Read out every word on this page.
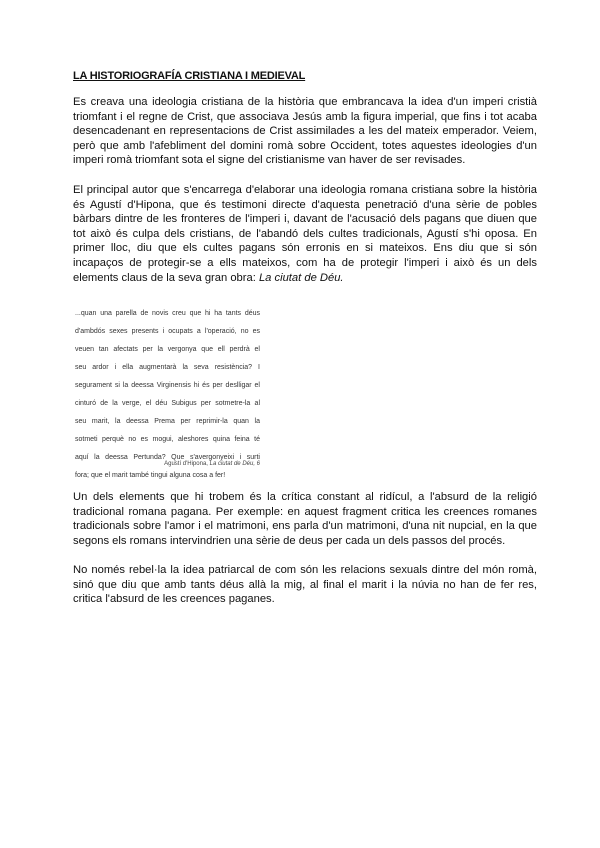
LA HISTORIOGRAFÍA CRISTIANA I MEDIEVAL
Es creava una ideologia cristiana de la història que embrancava la idea d'un imperi cristià
triomfant i el regne de Crist, que associava Jesús amb la figura imperial, que fins i tot acaba
desencadenant en representacions de Crist assimilades a les del mateix emperador. Veiem,
però que amb l'afebliment del domini romà sobre Occident, totes aquestes ideologies d'un
imperi romà triomfant sota el signe del cristianisme van haver de ser revisades.
El principal autor que s'encarrega d'elaborar una ideologia romana cristiana sobre la història
és Agustí d'Hipona, que és testimoni directe d'aquesta penetració d'una sèrie de pobles
bàrbars dintre de les fronteres de l'imperi i, davant de l'acusació dels pagans que diuen que
tot això és culpa dels cristians, de l'abandó dels cultes tradicionals, Agustí s'hi oposa. En
primer lloc, diu que els cultes pagans són erronis en si mateixos. Ens diu que si són
incapaços de protegir-se a ells mateixos, com ha de protegir l'imperi i això és un dels
elements claus de la seva gran obra: La ciutat de Déu.
...quan una parella de novis creu que hi ha tants déus
d'ambdós sexes presents i ocupats a l'operació, no es
veuen tan afectats per la vergonya que ell perdrà el
seu ardor i ella augmentarà la seva resistència? I
segurament si la deessa Virginensis hi és per deslligar el
cinturó de la verge, el déu Subigus per sotmetre-la al
seu marit, la deessa Prema per reprimir-la quan la
sotmeti perquè no es mogui, aleshores quina feina té
aquí la deessa Pertunda? Que s'avergonyeixi i surti
fora; que el marit també tingui alguna cosa a fer!
Agustí d'Hipona, La ciutat de Déu, 6
Un dels elements que hi trobem és la crítica constant al ridícul, a l'absurd de la religió
tradicional romana pagana. Per exemple: en aquest fragment critica les creences romanes
tradicionals sobre l'amor i el matrimoni, ens parla d'un matrimoni, d'una nit nupcial, en la que
segons els romans intervindrien una sèrie de deus per cada un dels passos del procés.
No només rebel·la la idea patriarcal de com són les relacions sexuals dintre del món romà,
sinó que diu que amb tants déus allà la mig, al final el marit i la núvia no han de fer res,
critica l'absurd de les creences paganes.
